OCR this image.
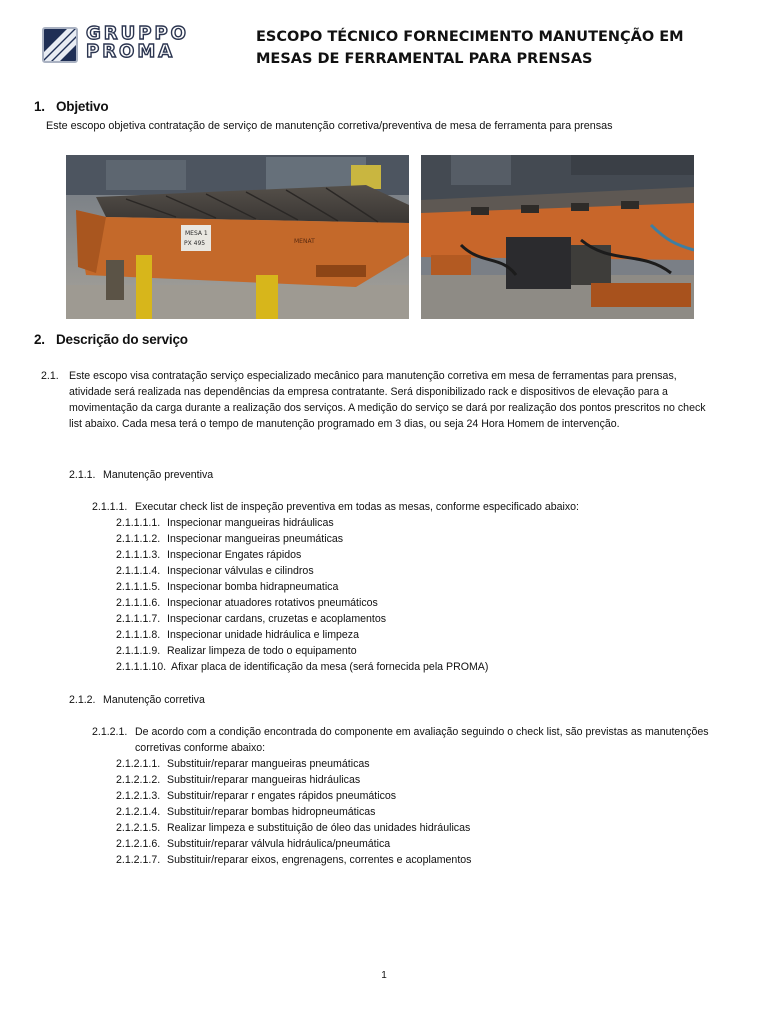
GRUPPO
PROMA
ESCOPO TÉCNICO FORNECIMENTO MANUTENÇÃO EM
MESAS DE FERRAMENTAL PARA PRENSAS
1. Objetivo
Este escopo objetiva contratação de serviço de manutenção corretiva/preventiva de mesa de ferramenta para prensas
MESA 1
PX 495	MENAT
2. Descrição do serviço
2.1. Este escopo visa contratação serviço especializado mecânico para manutenção corretiva em mesa de ferramentas para prensas,
atividade será realizada nas dependências da empresa contratante. Será disponibilizado rack e dispositivos de elevação para a
movimentação da carga durante a realização dos serviços. A medição do serviço se dará por realização dos pontos prescritos no check
list abaixo. Cada mesa terá o tempo de manutenção programado em 3 dias, ou seja 24 Hora Homem de intervenção.
2.1.1. Manutenção preventiva
2.1.1.1. Executar check list de inspeção preventiva em todas as mesas, conforme especificado abaixo:
2.1.1.1.1. Inspecionar mangueiras hidráulicas
2.1.1.1.2. Inspecionar mangueiras pneumáticas
2.1.1.1.3. Inspecionar Engates rápidos
2.1.1.1.4. Inspecionar válvulas e cilindros
2.1.1.1.5. Inspecionar bomba hidrapneumatica
2.1.1.1.6. Inspecionar atuadores rotativos pneumáticos
2.1.1.1.7. Inspecionar cardans, cruzetas e acoplamentos
2.1.1.1.8. Inspecionar unidade hidráulica e limpeza
2.1.1.1.9. Realizar limpeza de todo o equipamento
2.1.1.1.10. Afixar placa de identificação da mesa (será fornecida pela PROMA)
2.1.2. Manutenção corretiva
2.1.2.1. De acordo com a condição encontrada do componente em avaliação seguindo o check list, são previstas as manutenções
corretivas conforme abaixo:
2.1.2.1.1. Substituir/reparar mangueiras pneumáticas
2.1.2.1.2. Substituir/reparar mangueiras hidráulicas
2.1.2.1.3. Substituir/reparar r engates rápidos pneumáticos
2.1.2.1.4. Substituir/reparar bombas hidropneumáticas
2.1.2.1.5. Realizar limpeza e substituição de óleo das unidades hidráulicas
2.1.2.1.6. Substituir/reparar válvula hidráulica/pneumática
2.1.2.1.7. Substituir/reparar eixos, engrenagens, correntes e acoplamentos
1
